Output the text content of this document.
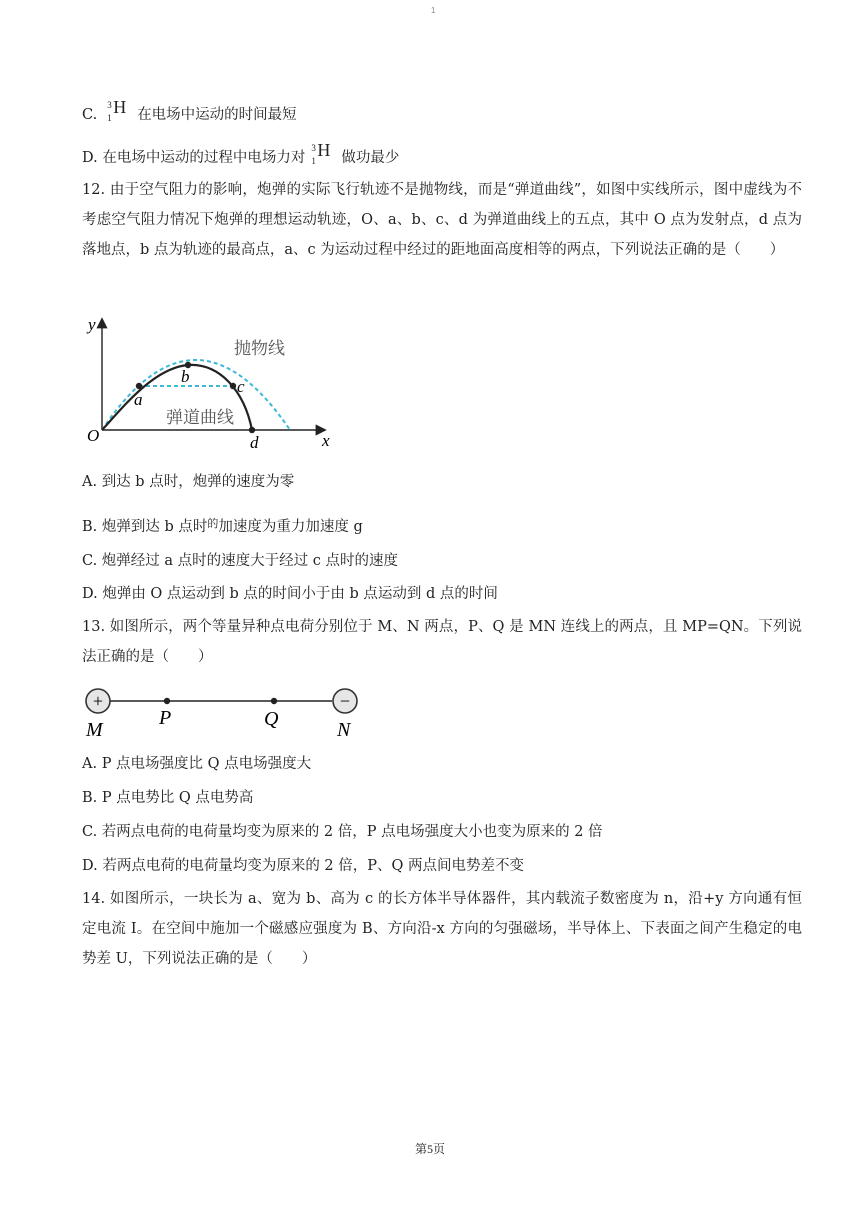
1
C.
3
1
H 在电场中运动的时间最短
D. 在电场中运动的过程中电场力对
3
1
H 做功最少
12. 由于空气阻力的影响，炮弹的实际飞行轨迹不是抛物线，而是“弹道曲线”，如图中实线所示，图中虚线为不考虑空气阻力情况下炮弹的理想运动轨迹，O、a、b、c、d 为弹道曲线上的五点，其中 O 点为发射点，d 点为落地点，b 点为轨迹的最高点，a、c 为运动过程中经过的距地面高度相等的两点，下列说法正确的是（　　）
y
x
O
a
b
c
d
抛物线
弹道曲线
A. 到达 b 点时，炮弹的速度为零
B. 炮弹到达 b 点时$^的$加速度为重力加速度 g
C. 炮弹经过 a 点时的速度大于经过 c 点时的速度
D. 炮弹由 O 点运动到 b 点的时间小于由 b 点运动到 d 点的时间
13. 如图所示，两个等量异种点电荷分别位于 M、N 两点，P、Q 是 MN 连线上的两点，且 MP=QN。下列说法正确的是（　　）
+	−
M
P	Q	N
A. P 点电场强度比 Q 点电场强度大
B. P 点电势比 Q 点电势高
C. 若两点电荷的电荷量均变为原来的 2 倍，P 点电场强度大小也变为原来的 2 倍
D. 若两点电荷的电荷量均变为原来的 2 倍，P、Q 两点间电势差不变
14. 如图所示，一块长为 a、宽为 b、高为 c 的长方体半导体器件，其内载流子数密度为 n，沿+y 方向通有恒定电流 I。在空间中施加一个磁感应强度为 B、方向沿-x 方向的匀强磁场，半导体上、下表面之间产生稳定的电势差 U，下列说法正确的是（　　）
第5页
